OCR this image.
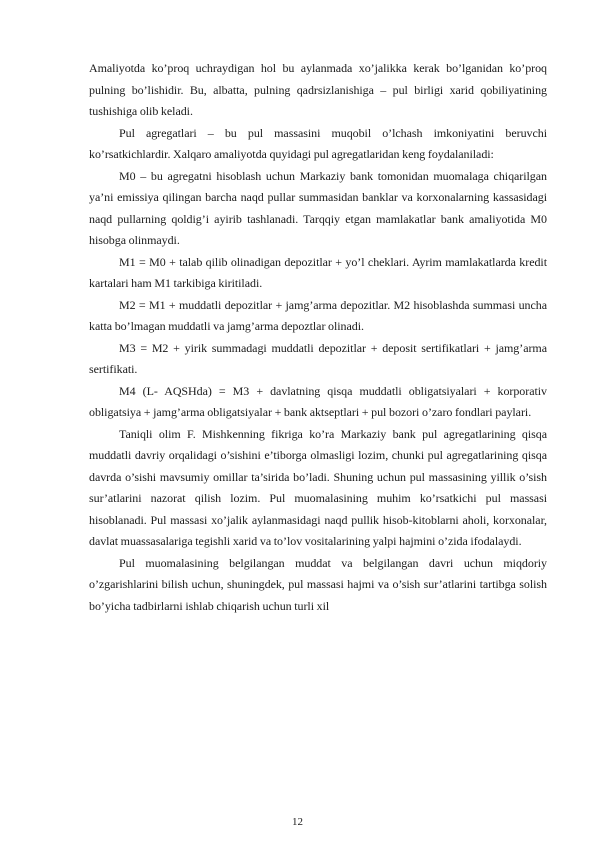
Amaliyotda ko’proq uchraydigan hol bu aylanmada xo’jalikka kerak bo’lganidan ko’proq pulning bo’lishidir. Bu, albatta, pulning qadrsizlanishiga – pul birligi xarid qobiliyatining tushishiga olib keladi.

Pul agregatlari – bu pul massasini muqobil o’lchash imkoniyatini beruvchi ko’rsatkichlardir. Xalqaro amaliyotda quyidagi pul agregatlaridan keng foydalaniladi:

M0 – bu agregatni hisoblash uchun Markaziy bank tomonidan muomalaga chiqarilgan ya’ni emissiya qilingan barcha naqd pullar summasidan banklar va korxonalarning kassasidagi naqd pullarning qoldig’i ayirib tashlanadi. Tarqqiy etgan mamlakatlar bank amaliyotida M0 hisobga olinmaydi.

M1 = M0 + talab qilib olinadigan depozitlar + yo’l cheklari. Ayrim mamlakatlarda kredit kartalari ham M1 tarkibiga kiritiladi.

M2 = M1 + muddatli depozitlar + jamg’arma depozitlar. M2 hisoblashda summasi uncha katta bo’lmagan muddatli va jamg’arma depoztlar olinadi.

M3 = M2 + yirik summadagi muddatli depozitlar + deposit sertifikatlari + jamg’arma sertifikati.

M4 (L- AQSHda) = M3 + davlatning qisqa muddatli obligatsiyalari + korporativ obligatsiya + jamg’arma obligatsiyalar + bank aktseptlari + pul bozori o’zaro fondlari paylari.

Taniqli olim F. Mishkenning fikriga ko’ra Markaziy bank pul agregatlarining qisqa muddatli davriy orqalidagi o’sishini e’tiborga olmasligi lozim, chunki pul agregatlarining qisqa davrda o’sishi mavsumiy omillar ta’sirida bo’ladi. Shuning uchun pul massasining yillik o’sish sur’atlarini nazorat qilish lozim. Pul muomalasining muhim ko’rsatkichi pul massasi hisoblanadi. Pul massasi xo’jalik aylanmasidagi naqd pullik hisob-kitoblarni aholi, korxonalar, davlat muassasalariga tegishli xarid va to’lov vositalarining yalpi hajmini o’zida ifodalaydi.

Pul muomalasining belgilangan muddat va belgilangan davri uchun miqdoriy o’zgarishlarini bilish uchun, shuningdek, pul massasi hajmi va o’sish sur’atlarini tartibga solish bo’yicha tadbirlarni ishlab chiqarish uchun turli xil

12
